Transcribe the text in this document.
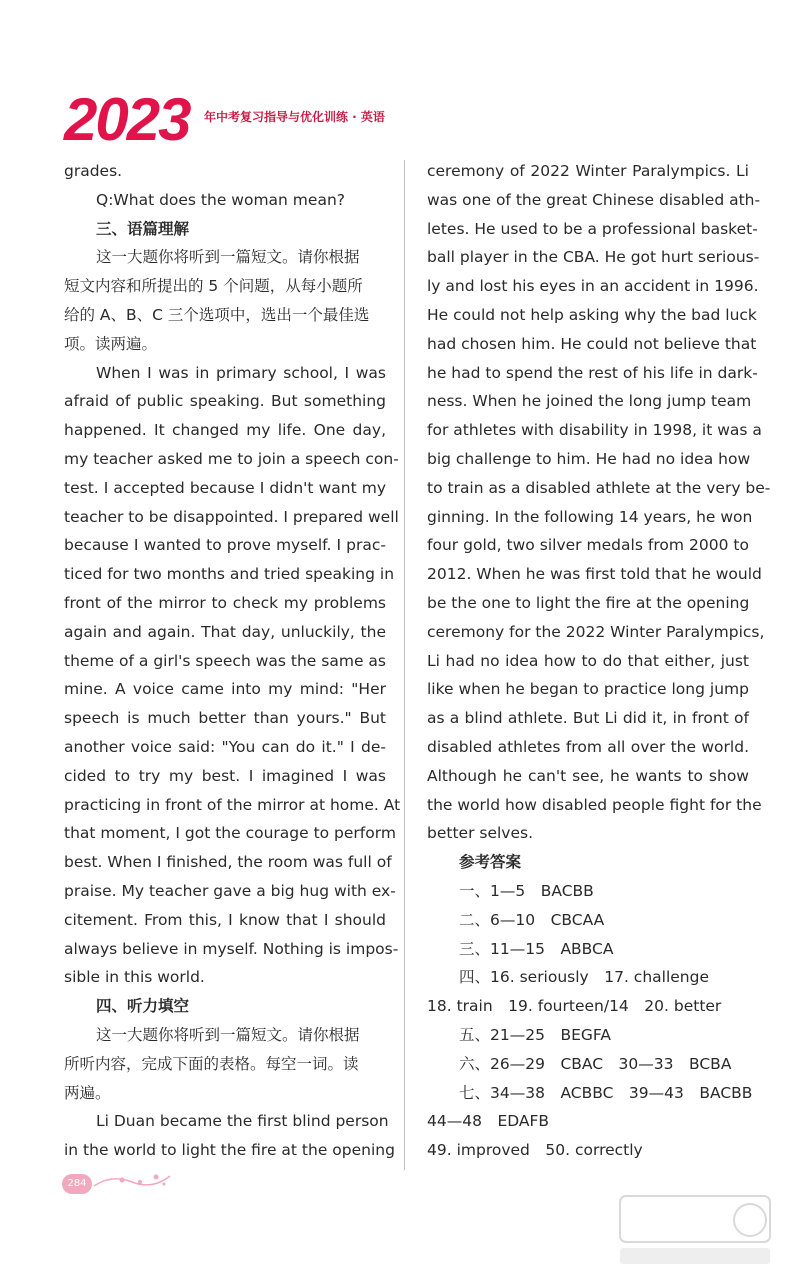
2023 年中考复习指导与优化训练 · 英语
grades.
Q:What does the woman mean?
三、语篇理解
这一大题你将听到一篇短文。请你根据
短文内容和所提出的 5 个问题，从每小题所
给的 A、B、C 三个选项中，选出一个最佳选
项。读两遍。
When I was in primary school, I was
afraid of public speaking. But something
happened. It changed my life. One day,
my teacher asked me to join a speech con-
test. I accepted because I didn't want my
teacher to be disappointed. I prepared well
because I wanted to prove myself. I prac-
ticed for two months and tried speaking in
front of the mirror to check my problems
again and again. That day, unluckily, the
theme of a girl's speech was the same as
mine. A voice came into my mind: "Her
speech is much better than yours." But
another voice said: "You can do it." I de-
cided to try my best. I imagined I was
practicing in front of the mirror at home. At
that moment, I got the courage to perform
best. When I finished, the room was full of
praise. My teacher gave a big hug with ex-
citement. From this, I know that I should
always believe in myself. Nothing is impos-
sible in this world.
四、听力填空
这一大题你将听到一篇短文。请你根据
所听内容，完成下面的表格。每空一词。读
两遍。
Li Duan became the first blind person
in the world to light the fire at the opening
ceremony of 2022 Winter Paralympics. Li
was one of the great Chinese disabled ath-
letes. He used to be a professional basket-
ball player in the CBA. He got hurt serious-
ly and lost his eyes in an accident in 1996.
He could not help asking why the bad luck
had chosen him. He could not believe that
he had to spend the rest of his life in dark-
ness. When he joined the long jump team
for athletes with disability in 1998, it was a
big challenge to him. He had no idea how
to train as a disabled athlete at the very be-
ginning. In the following 14 years, he won
four gold, two silver medals from 2000 to
2012. When he was first told that he would
be the one to light the fire at the opening
ceremony for the 2022 Winter Paralympics,
Li had no idea how to do that either, just
like when he began to practice long jump
as a blind athlete. But Li did it, in front of
disabled athletes from all over the world.
Although he can't see, he wants to show
the world how disabled people fight for the
better selves.
参考答案
一、1—5　BACBB
二、6—10　CBCAA
三、11—15　ABBCA
四、16. seriously　17. challenge
18. train　19. fourteen/14　20. better
五、21—25　BEGFA
六、26—29　CBAC　30—33　BCBA
七、34—38　ACBBC　39—43　BACBB
44—48　EDAFB
49. improved　50. correctly
284
